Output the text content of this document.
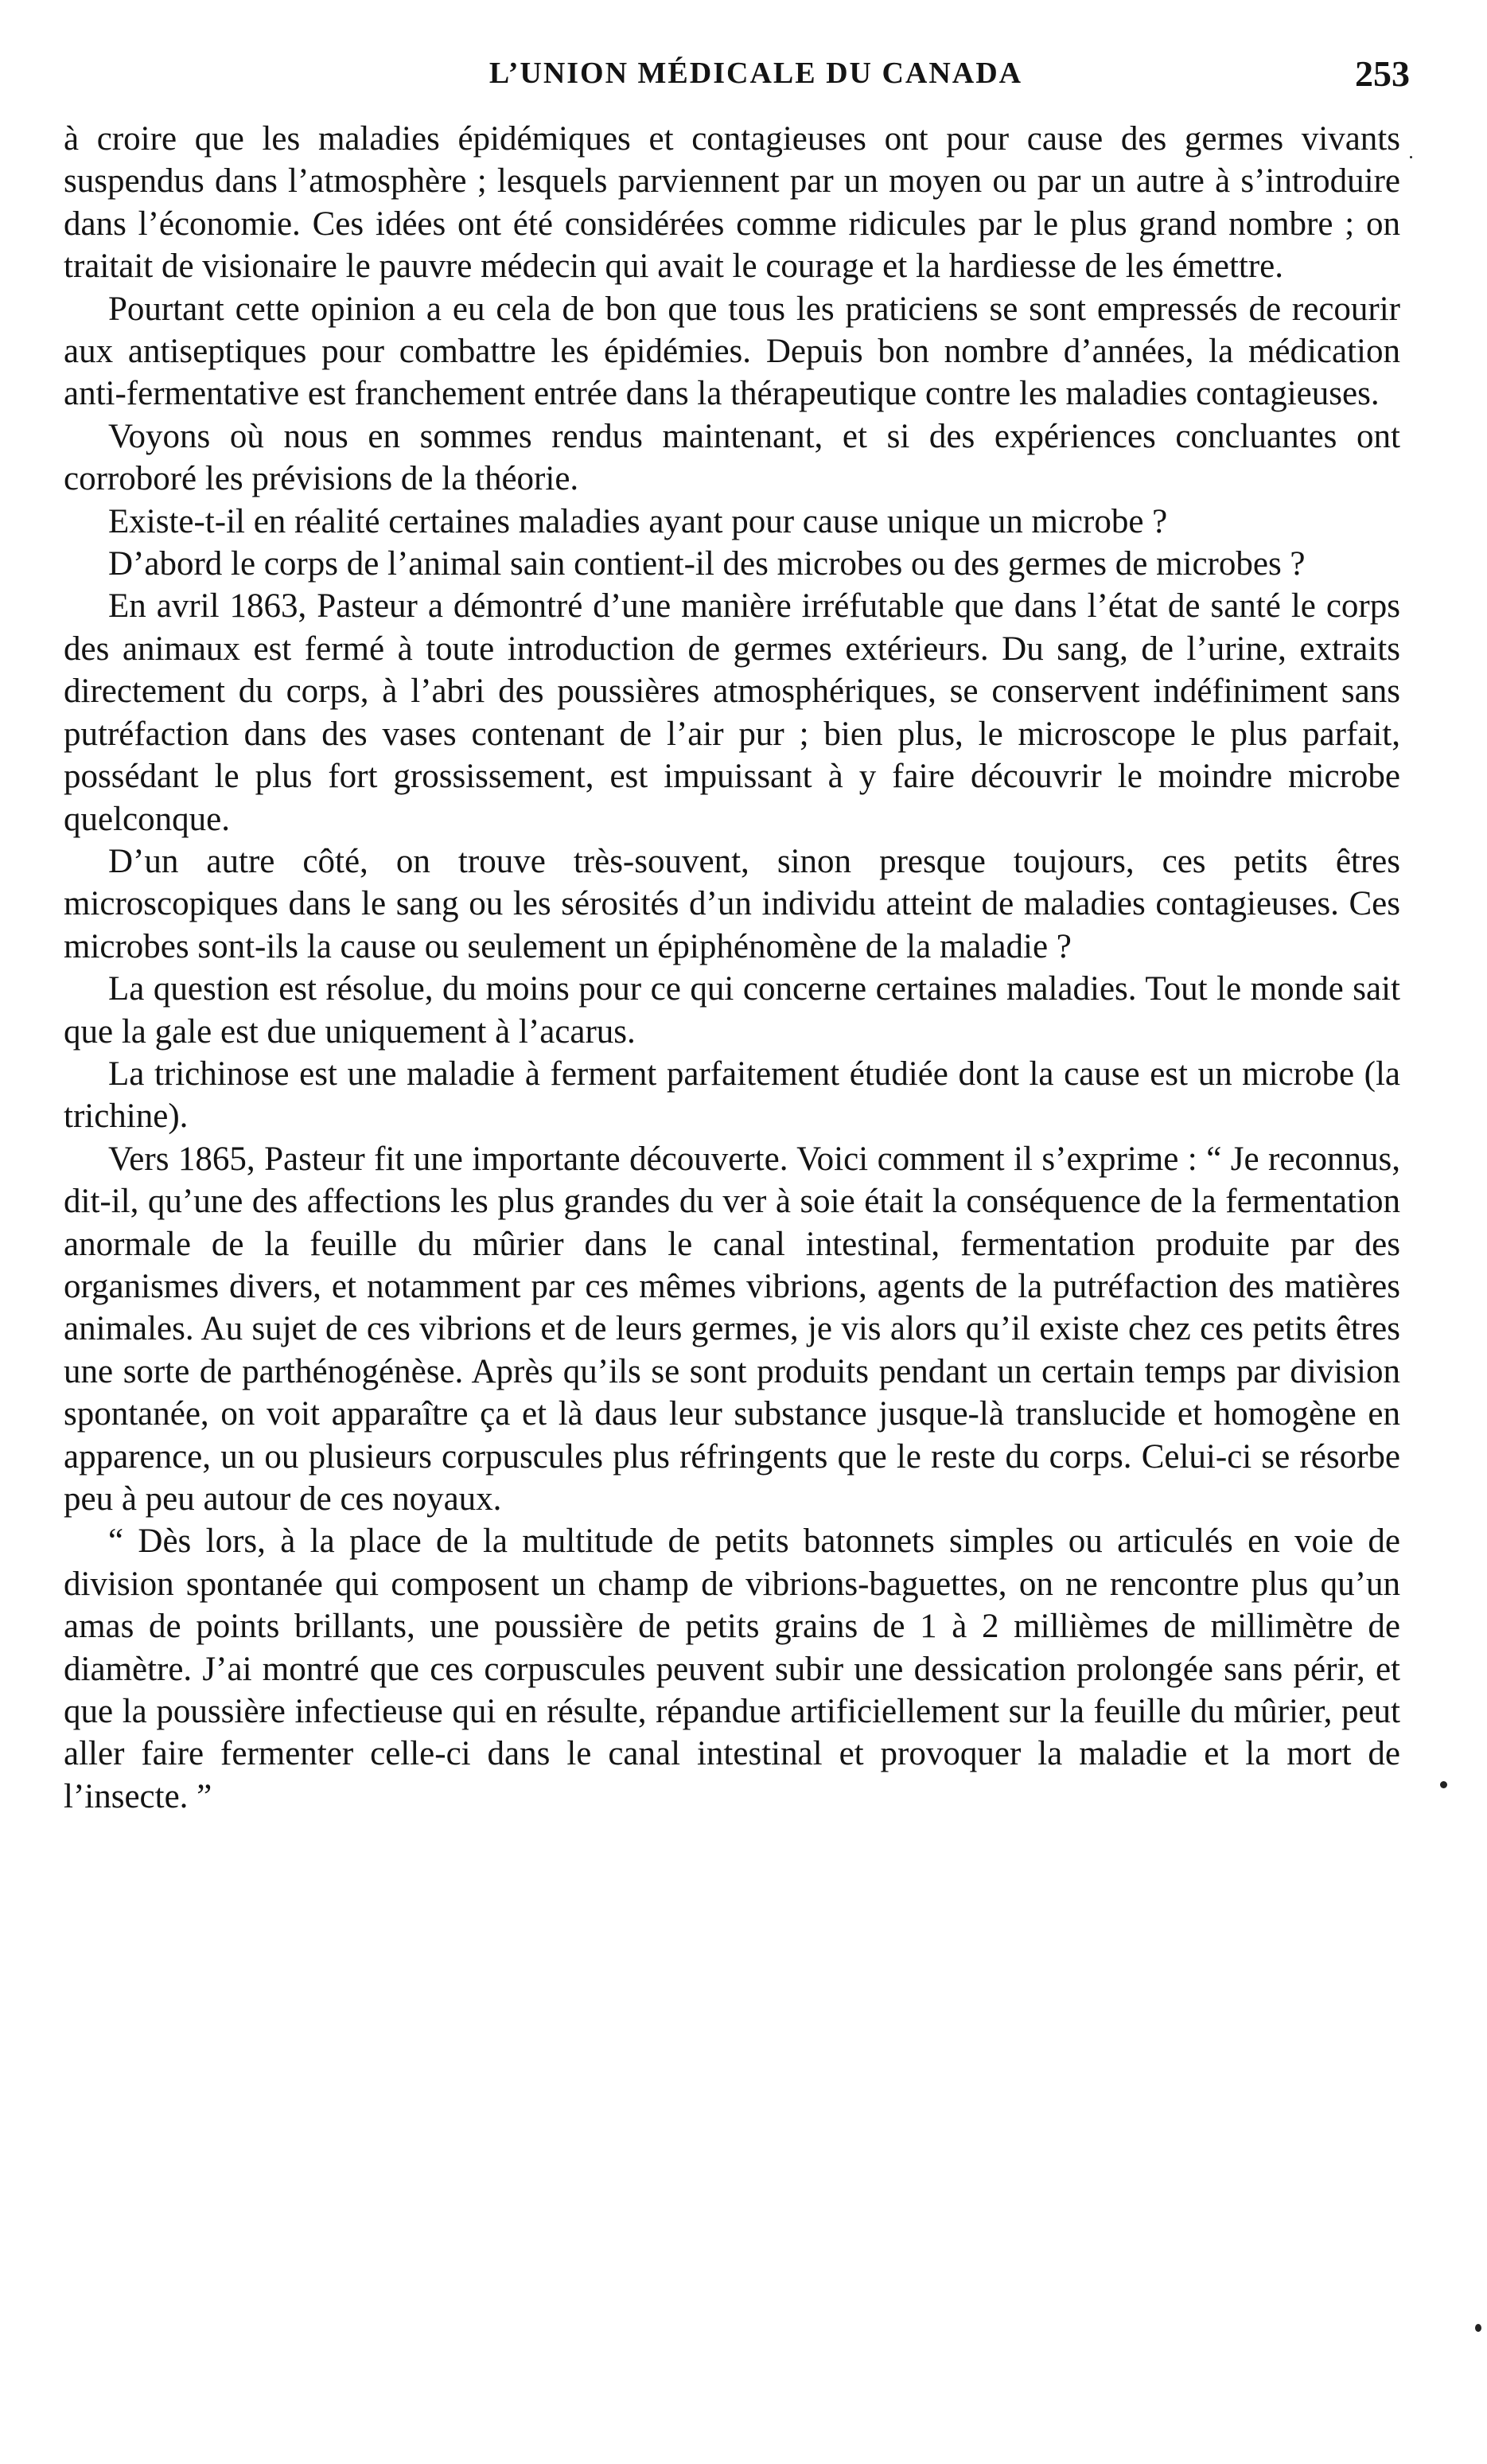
L’UNION MÉDICALE DU CANADA	253

à croire que les maladies épidémiques et contagieuses ont pour cause des germes vivants suspendus dans l’atmosphère ; lesquels parviennent par un moyen ou par un autre à s’introduire dans l’économie. Ces idées ont été considérées comme ridicules par le plus grand nombre ; on traitait de visionaire le pauvre médecin qui avait le courage et la hardiesse de les émettre.

Pourtant cette opinion a eu cela de bon que tous les praticiens se sont empressés de recourir aux antiseptiques pour combattre les épidémies. Depuis bon nombre d’années, la médication anti-fermentative est franchement entrée dans la thérapeutique contre les maladies contagieuses.

Voyons où nous en sommes rendus maintenant, et si des expériences concluantes ont corroboré les prévisions de la théorie.

Existe-t-il en réalité certaines maladies ayant pour cause unique un microbe ?

D’abord le corps de l’animal sain contient-il des microbes ou des germes de microbes ?

En avril 1863, Pasteur a démontré d’une manière irréfutable que dans l’état de santé le corps des animaux est fermé à toute introduction de germes extérieurs. Du sang, de l’urine, extraits directement du corps, à l’abri des poussières atmosphériques, se conservent indéfiniment sans putréfaction dans des vases contenant de l’air pur ; bien plus, le microscope le plus parfait, possédant le plus fort grossissement, est impuissant à y faire découvrir le moindre microbe quelconque.

D’un autre côté, on trouve très-souvent, sinon presque toujours, ces petits êtres microscopiques dans le sang ou les sérosités d’un individu atteint de maladies contagieuses. Ces microbes sont-ils la cause ou seulement un épiphénomène de la maladie ?

La question est résolue, du moins pour ce qui concerne certaines maladies. Tout le monde sait que la gale est due uniquement à l’acarus.

La trichinose est une maladie à ferment parfaitement étudiée dont la cause est un microbe (la trichine).

Vers 1865, Pasteur fit une importante découverte. Voici comment il s’exprime : “ Je reconnus, dit-il, qu’une des affections les plus grandes du ver à soie était la conséquence de la fermentation anormale de la feuille du mûrier dans le canal intestinal, fermentation produite par des organismes divers, et notamment par ces mêmes vibrions, agents de la putréfaction des matières animales. Au sujet de ces vibrions et de leurs germes, je vis alors qu’il existe chez ces petits êtres une sorte de parthénogénèse. Après qu’ils se sont produits pendant un certain temps par division spontanée, on voit apparaître ça et là daus leur substance jusque-là translucide et homogène en apparence, un ou plusieurs corpuscules plus réfringents que le reste du corps. Celui-ci se résorbe peu à peu autour de ces noyaux.

“ Dès lors, à la place de la multitude de petits batonnets simples ou articulés en voie de division spontanée qui composent un champ de vibrions-baguettes, on ne rencontre plus qu’un amas de points brillants, une poussière de petits grains de 1 à 2 millièmes de millimètre de diamètre. J’ai montré que ces corpuscules peuvent subir une dessication prolongée sans périr, et que la poussière infectieuse qui en résulte, répandue artificiellement sur la feuille du mûrier, peut aller faire fermenter celle-ci dans le canal intestinal et provoquer la maladie et la mort de l’insecte. ”
